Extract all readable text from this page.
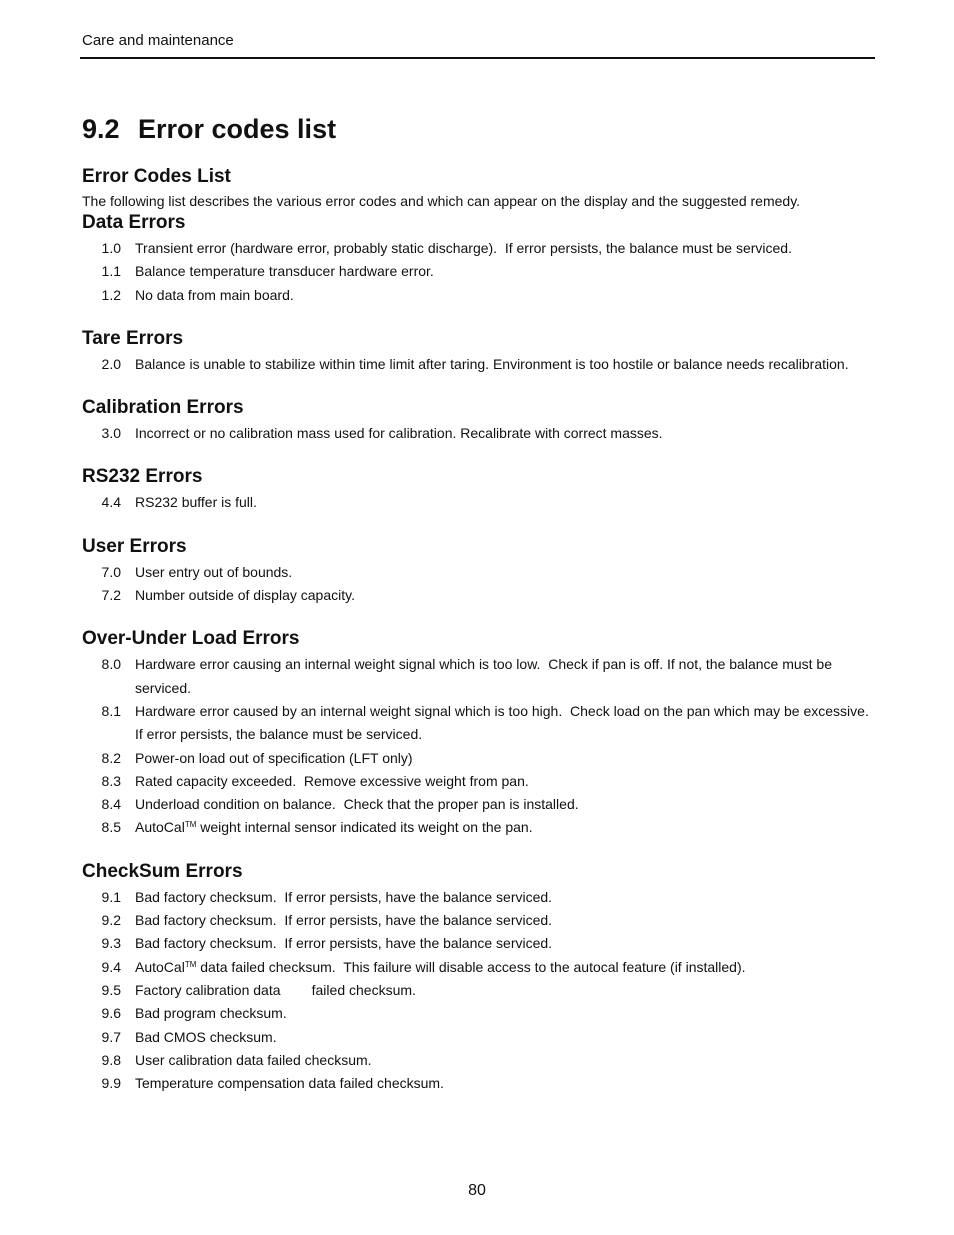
Care and maintenance
9.2 Error codes list
Error Codes List

The following list describes the various error codes and which can appear on the display and the suggested remedy.

Data Errors
1.0 Transient error (hardware error, probably static discharge).  If error persists, the balance must be serviced.
1.1 Balance temperature transducer hardware error.
1.2 No data from main board.
Tare Errors
2.0 Balance is unable to stabilize within time limit after taring. Environment is too hostile or balance needs recalibration.
Calibration Errors
3.0 Incorrect or no calibration mass used for calibration. Recalibrate with correct masses.
RS232 Errors
4.4 RS232 buffer is full.
User Errors
7.0 User entry out of bounds.
7.2 Number outside of display capacity.
Over-Under Load Errors
8.0 Hardware error causing an internal weight signal which is too low.  Check if pan is off. If not, the balance must be serviced.
8.1 Hardware error caused by an internal weight signal which is too high.  Check load on the pan which may be excessive.  If error persists, the balance must be serviced.
8.2 Power-on load out of specification (LFT only)
8.3 Rated capacity exceeded.  Remove excessive weight from pan.
8.4 Underload condition on balance.  Check that the proper pan is installed.
8.5 AutoCal™ weight internal sensor indicated its weight on the pan.
CheckSum Errors
9.1 Bad factory checksum.  If error persists, have the balance serviced.
9.2 Bad factory checksum.  If error persists, have the balance serviced.
9.3 Bad factory checksum.  If error persists, have the balance serviced.
9.4 AutoCal™ data failed checksum.  This failure will disable access to the autocal feature (if installed).
9.5 Factory calibration data        failed checksum.
9.6 Bad program checksum.
9.7 Bad CMOS checksum.
9.8 User calibration data failed checksum.
9.9 Temperature compensation data failed checksum.
80
